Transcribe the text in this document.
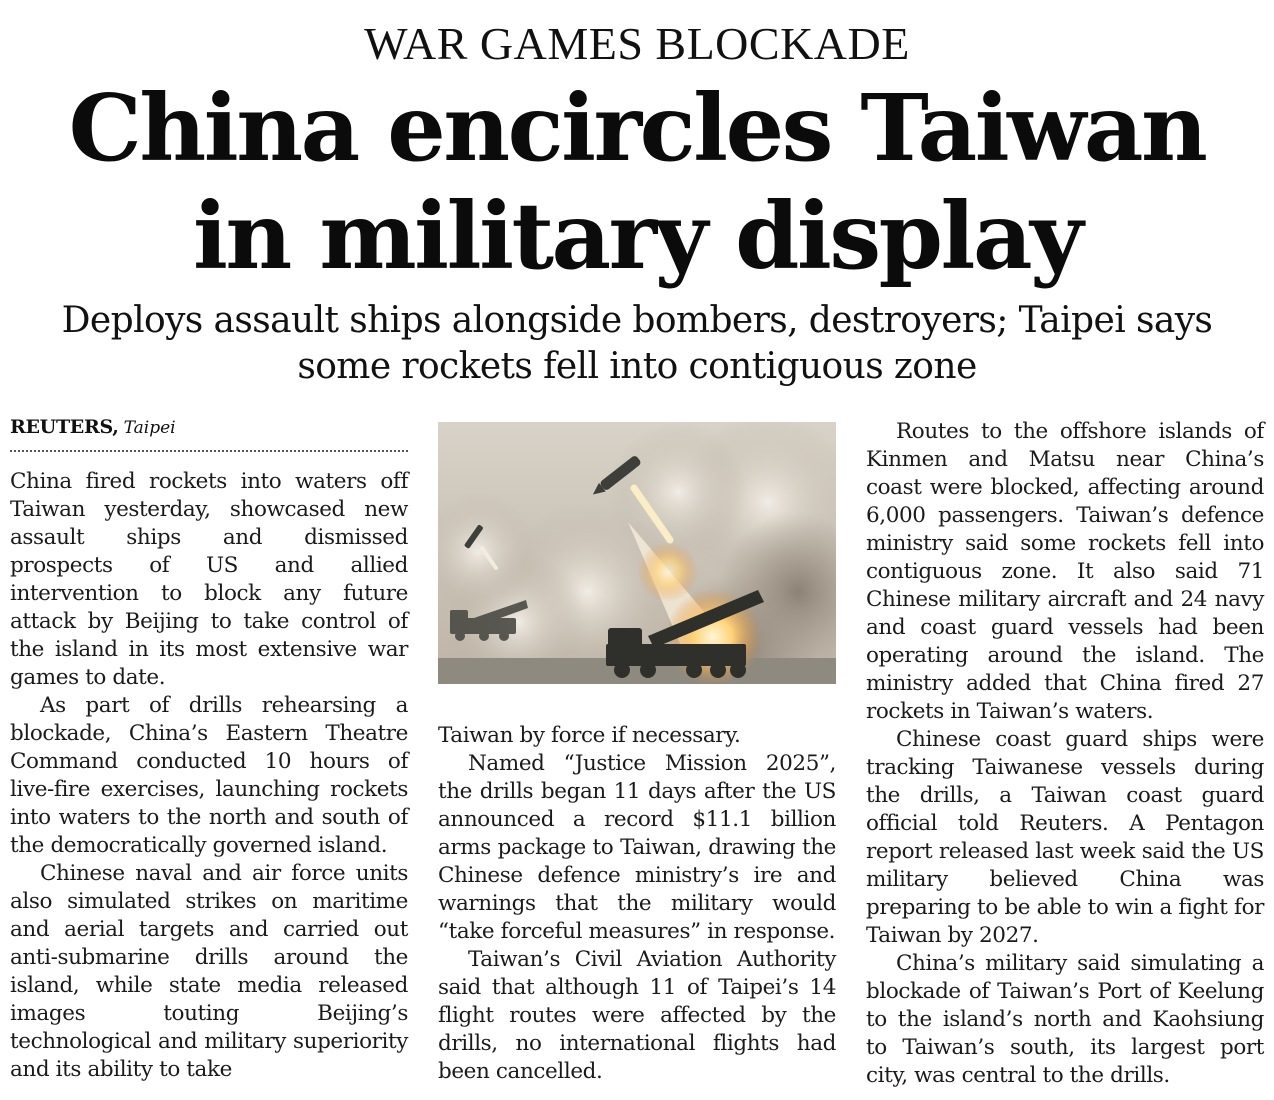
WAR GAMES BLOCKADE
China encircles Taiwan
in military display
Deploys assault ships alongside bombers, destroyers; Taipei says
some rockets fell into contiguous zone
REUTERS, Taipei

China fired rockets into waters off Taiwan yesterday, showcased new assault ships and dismissed prospects of US and allied intervention to block any future attack by Beijing to take control of the island in its most extensive war games to date.

As part of drills rehearsing a blockade, China’s Eastern Theatre Command conducted 10 hours of live-fire exercises, launching rockets into waters to the north and south of the democratically governed island.

Chinese naval and air force units also simulated strikes on maritime and aerial targets and carried out anti-submarine drills around the island, while state media released images touting Beijing’s technological and military superiority and its ability to take

Taiwan by force if necessary.

Named “Justice Mission 2025”, the drills began 11 days after the US announced a record $11.1 billion arms package to Taiwan, drawing the Chinese defence ministry’s ire and warnings that the military would “take forceful measures” in response.

Taiwan’s Civil Aviation Authority said that although 11 of Taipei’s 14 flight routes were affected by the drills, no international flights had been cancelled.

Routes to the offshore islands of Kinmen and Matsu near China’s coast were blocked, affecting around 6,000 passengers. Taiwan’s defence ministry said some rockets fell into contiguous zone. It also said 71 Chinese military aircraft and 24 navy and coast guard vessels had been operating around the island. The ministry added that China fired 27 rockets in Taiwan’s waters.

Chinese coast guard ships were tracking Taiwanese vessels during the drills, a Taiwan coast guard official told Reuters. A Pentagon report released last week said the US military believed China was preparing to be able to win a fight for Taiwan by 2027.

China’s military said simulating a blockade of Taiwan’s Port of Keelung to the island’s north and Kaohsiung to Taiwan’s south, its largest port city, was central to the drills.
